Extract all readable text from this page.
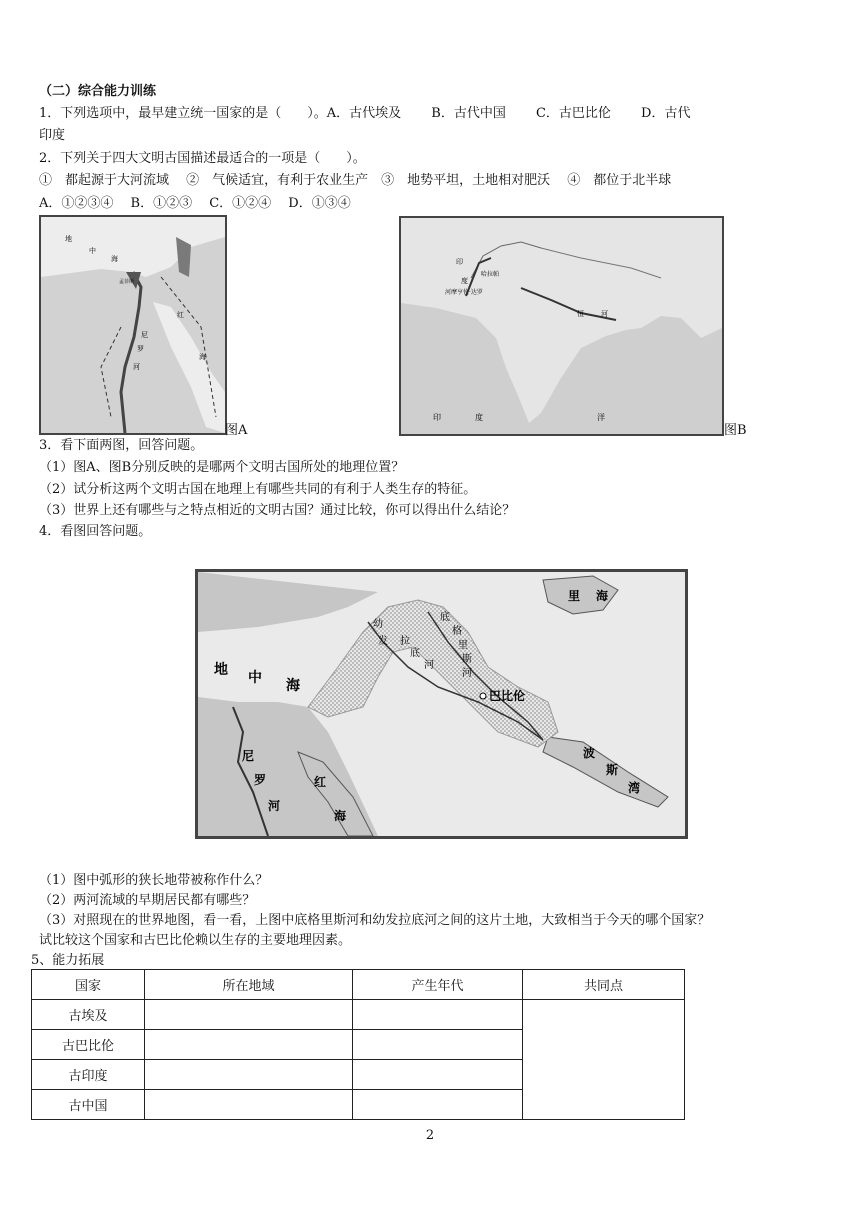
（二）综合能力训练
1．下列选项中，最早建立统一国家的是（　　）。A．古代埃及　　 B．古代中国　　 C．古巴比伦　　 D．古代
印度
2．下列关于四大文明古国描述最适合的一项是（　　）。
①　都起源于大河流域　 ②　气候适宜，有利于农业生产　③　地势平坦，土地相对肥沃　 ④　都位于北半球
A．①②③④　 B．①②③　 C．①②④　 D．①③④
地
中
海
孟菲斯
红
海
尼
罗
河
图A
印
度
哈拉帕
河摩亨佐·达罗
恒 河
印	度	洋
图B
3．看下面两图，回答问题。
（1）图A、图B分别反映的是哪两个文明古国所处的地理位置？
（2）试分析这两个文明古国在地理上有哪些共同的有利于人类生存的特征。
（3）世界上还有哪些与之特点相近的文明古国？通过比较，你可以得出什么结论？
4．看图回答问题。
里 海
地 中 海
幼
发 拉
底
河
底
格
里
斯
河
巴比伦
波
斯
湾
尼
罗
河
红
海
（1）图中弧形的狭长地带被称作什么？
（2）两河流域的早期居民都有哪些？
（3）对照现在的世界地图，看一看，上图中底格里斯河和幼发拉底河之间的这片土地，大致相当于今天的哪个国家？
试比较这个国家和古巴比伦赖以生存的主要地理因素。
5、能力拓展
国家	所在地域	产生年代	共同点
古埃及			
古巴比伦			
古印度			
古中国			
2
